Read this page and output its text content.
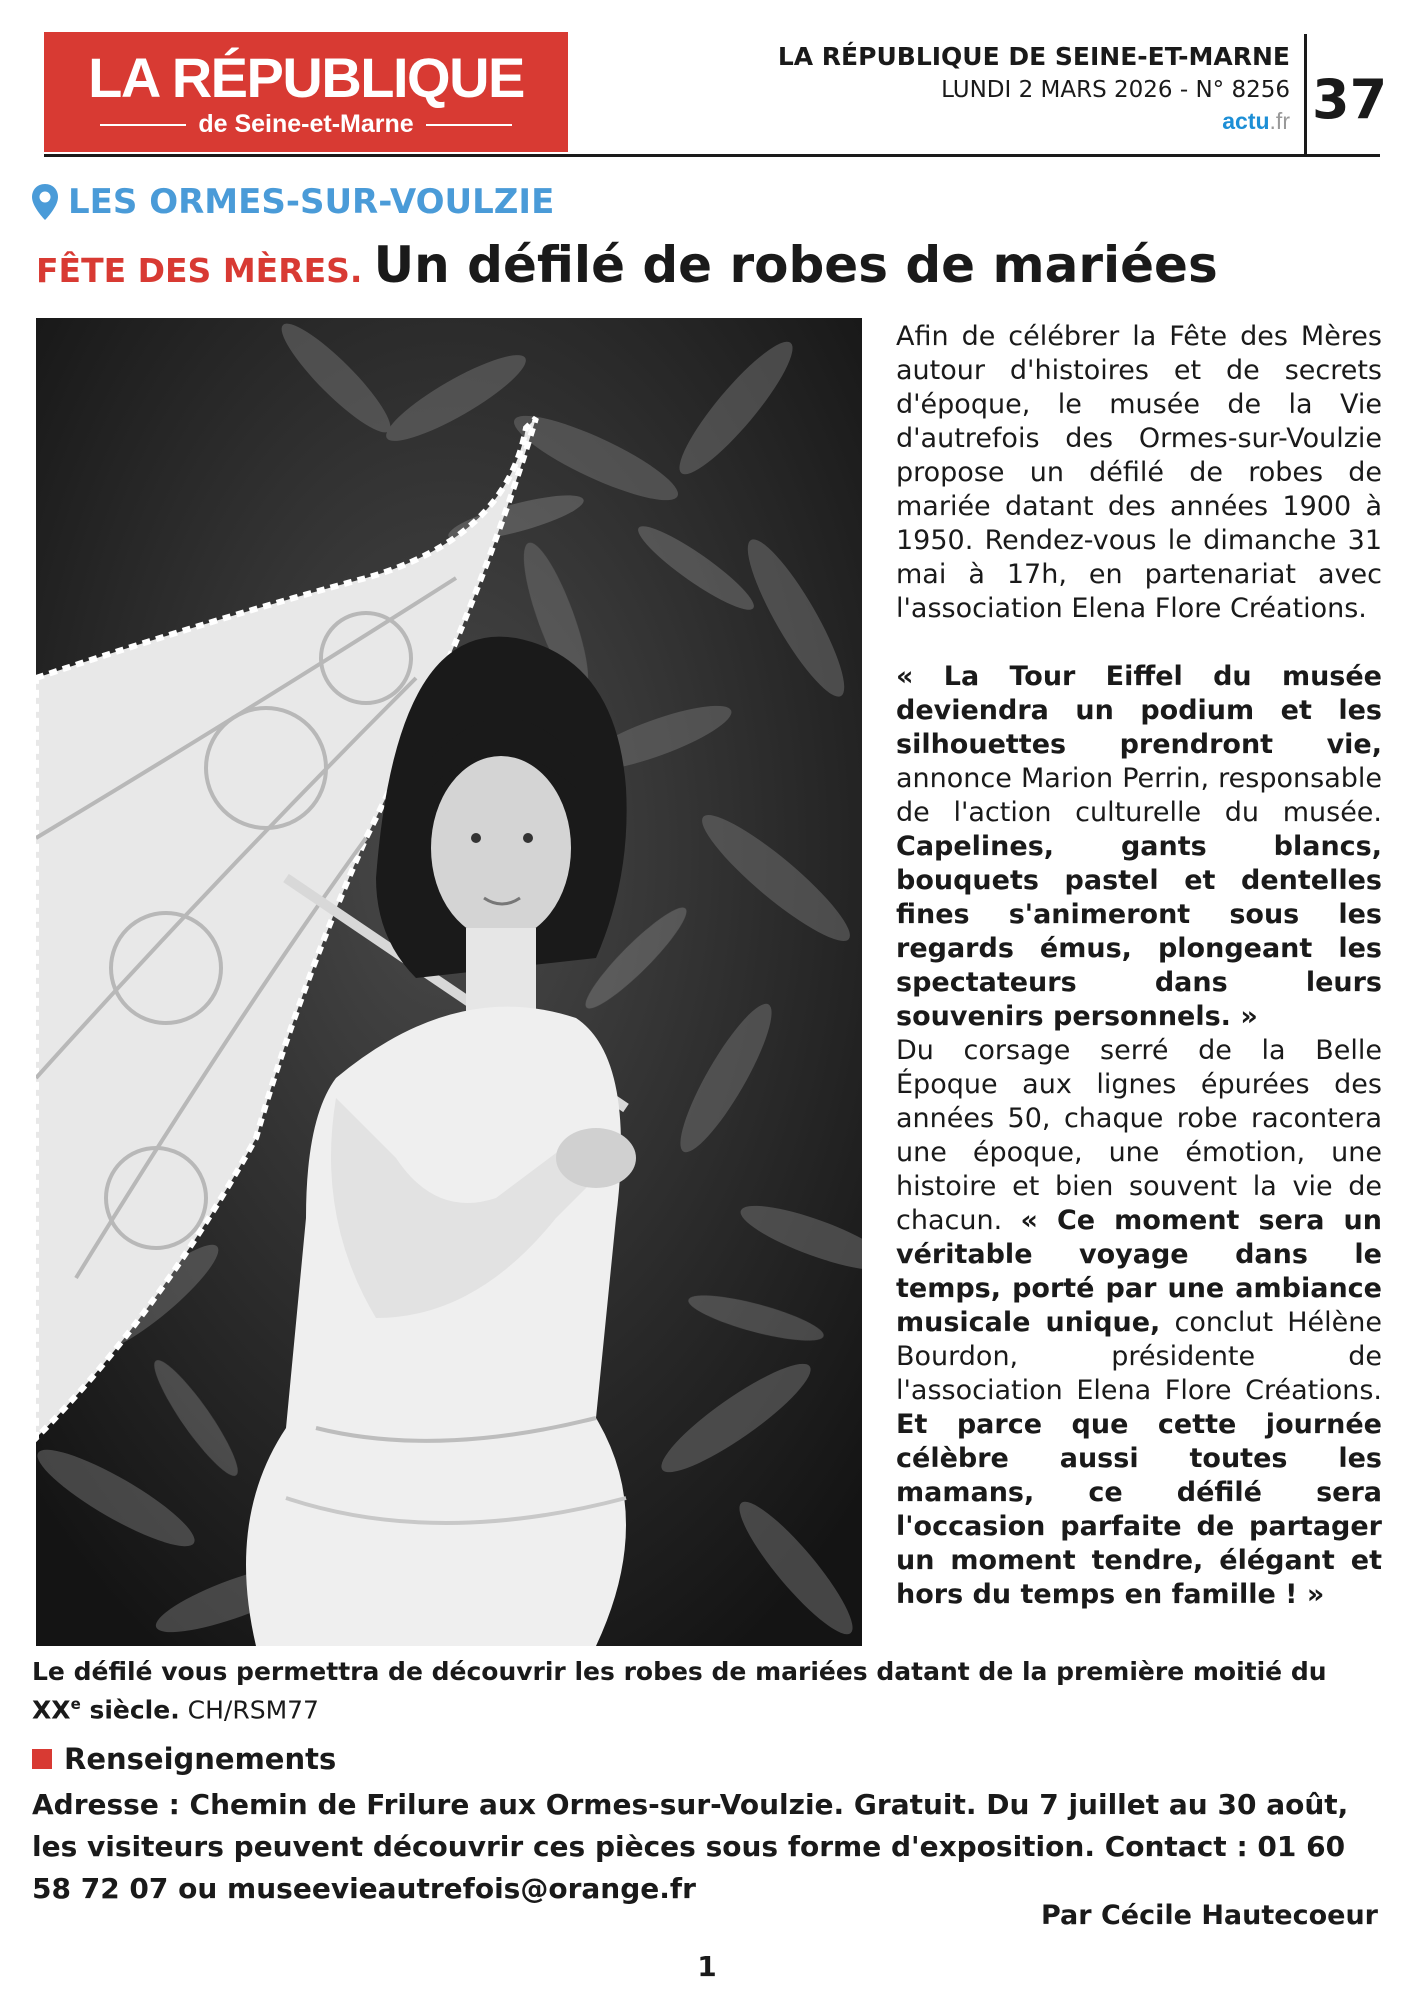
LA RÉPUBLIQUE
de Seine-et-Marne
LA RÉPUBLIQUE DE SEINE-ET-MARNE
LUNDI 2 MARS 2026 - N° 8256
actu.fr 37
LES ORMES-SUR-VOULZIE
FÊTE DES MÈRES. Un défilé de robes de mariées

Afin de célébrer la Fête des Mères autour d'histoires et de secrets d'époque, le musée de la Vie d'autrefois des Ormes-sur-Voulzie propose un défilé de robes de mariée datant des années 1900 à 1950. Rendez-vous le dimanche 31 mai à 17h, en partenariat avec l'association Elena Flore Créations.

« La Tour Eiffel du musée deviendra un podium et les silhouettes prendront vie, annonce Marion Perrin, responsable de l'action culturelle du musée. Capelines, gants blancs, bouquets pastel et dentelles fines s'animeront sous les regards émus, plongeant les spectateurs dans leurs souvenirs personnels. »

Du corsage serré de la Belle Époque aux lignes épurées des années 50, chaque robe racontera une époque, une émotion, une histoire et bien souvent la vie de chacun. « Ce moment sera un véritable voyage dans le temps, porté par une ambiance musicale unique, conclut Hélène Bourdon, présidente de l'association Elena Flore Créations. Et parce que cette journée célèbre aussi toutes les mamans, ce défilé sera l'occasion parfaite de partager un moment tendre, élégant et hors du temps en famille ! »

Le défilé vous permettra de découvrir les robes de mariées datant de la première moitié du XXe siècle. CH/RSM77
Renseignements
Adresse : Chemin de Frilure aux Ormes-sur-Voulzie. Gratuit. Du 7 juillet au 30 août, les visiteurs peuvent découvrir ces pièces sous forme d'exposition. Contact : 01 60 58 72 07 ou museevieautrefois@orange.fr
Par Cécile Hautecoeur
1
